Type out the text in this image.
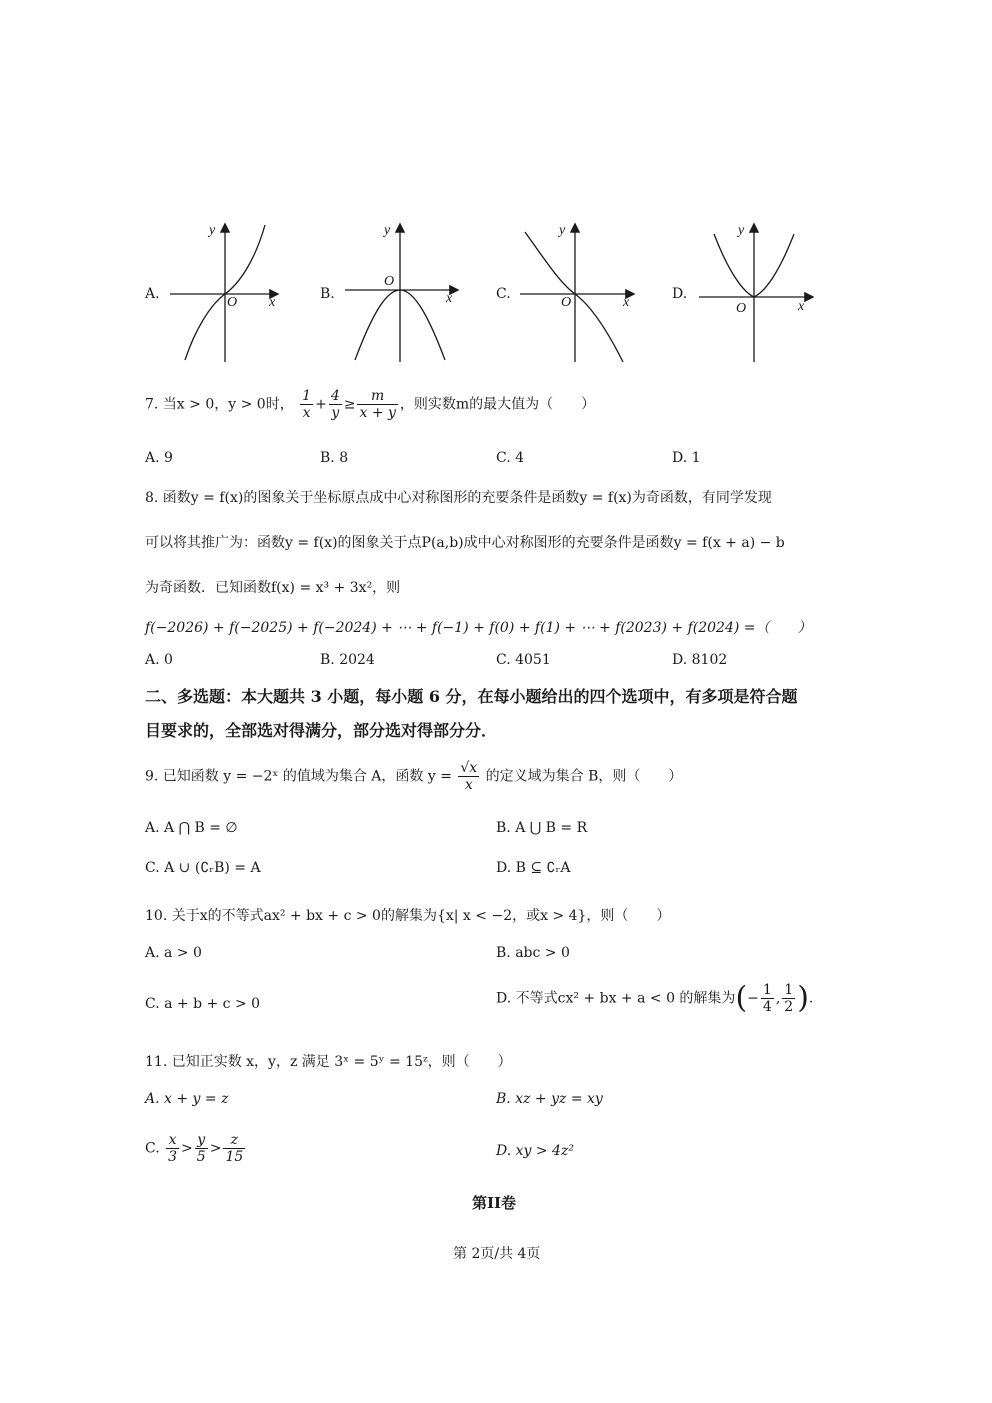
A.	B.	C.	D.
y
x
O
y
x
O
y
x
O
y
x
O
7. 当x > 0，y > 0时， $\frac{1}{x} + \frac{4}{y} \ge \frac{m}{x + y}$ ，则实数m的最大值为（　　）
A. 9	B. 8	C. 4	D. 1
8. 函数y = f(x)的图象关于坐标原点成中心对称图形的充要条件是函数y = f(x)为奇函数，有同学发现
可以将其推广为：函数y = f(x)的图象关于点P(a,b)成中心对称图形的充要条件是函数y = f(x + a) − b
为奇函数．已知函数f(x) = x³ + 3x²，则
f(−2026) + f(−2025) + f(−2024) + ⋯ + f(−1) + f(0) + f(1) + ⋯ + f(2023) + f(2024) =（　　）
A. 0	B. 2024	C. 4051	D. 8102
二、多选题：本大题共 3 小题，每小题 6 分，在每小题给出的四个选项中，有多项是符合题
目要求的，全部选对得满分，部分选对得部分分．
9. 已知函数 y = −2ˣ 的值域为集合 A，函数 $y = \frac{√x}{x}$ 的定义域为集合 B，则（　　）
A. A ⋂ B = ∅	B. A ⋃ B = R
C. A ∪ (∁ᵣB) = A	D. B ⊆ ∁ᵣA
10. 关于x的不等式ax² + bx + c > 0的解集为{x| x < −2，或x > 4}，则（　　）
A. a > 0	B. abc > 0
C. a + b + c > 0	D. 不等式cx² + bx + a < 0 的解集为(− $\frac{1}{4}$ , $\frac{1}{2}$ ).
11. 已知正实数 x，y，z 满足 3ˣ = 5ʸ = 15ᶻ，则（　　）
A. x + y = z	B. xz + yz = xy
C. $\frac{x}{3} > \frac{y}{5} > \frac{z}{15}$	D. xy > 4z²
第II卷
第 2页/共 4页
